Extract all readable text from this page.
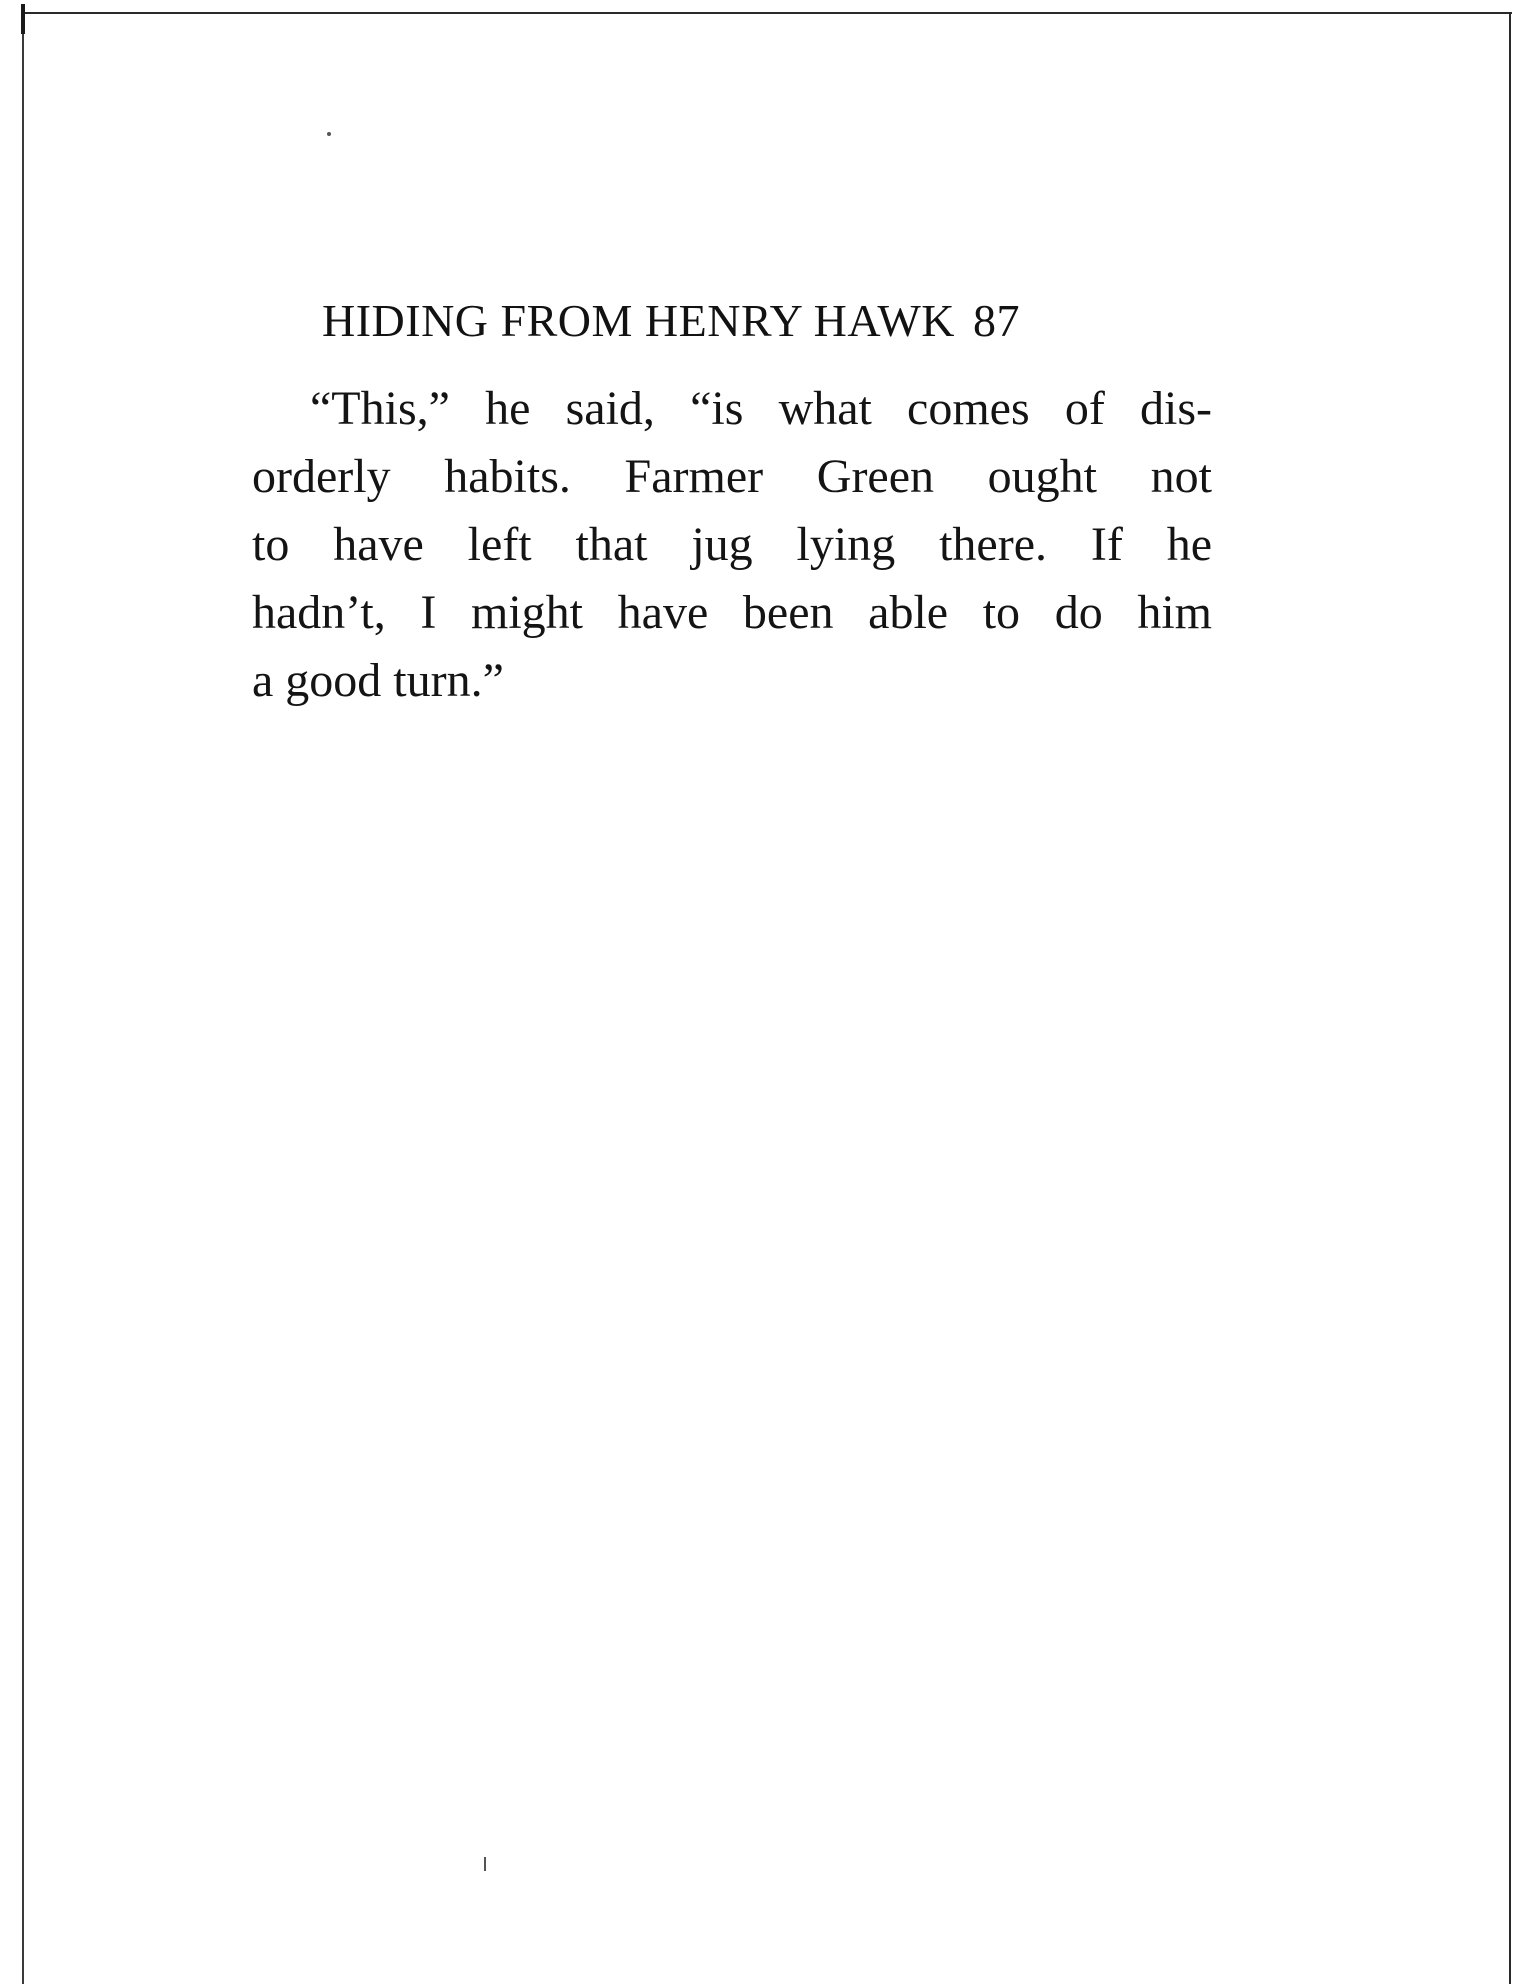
HIDING FROM HENRY HAWK 87
“This,” he said, “is what comes of dis-
orderly habits. Farmer Green ought not
to have left that jug lying there. If he
hadn’t, I might have been able to do him
a good turn.”
